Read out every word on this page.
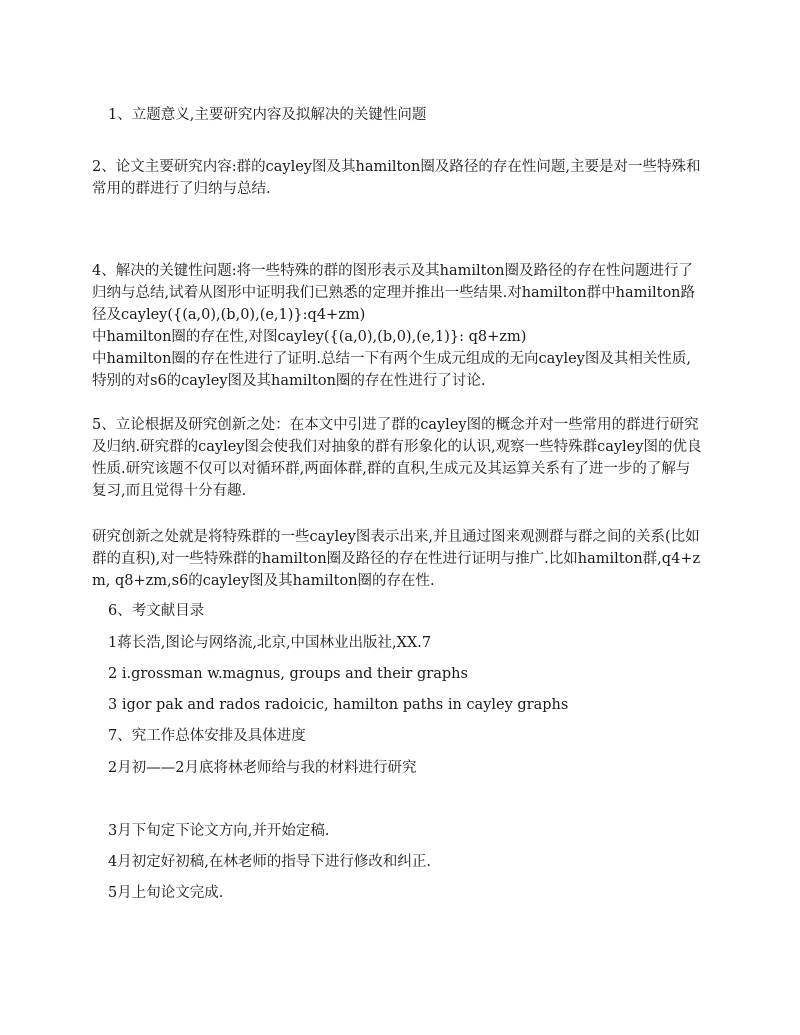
1、立题意义,主要研究内容及拟解决的关键性问题
2、论文主要研究内容:群的cayley图及其hamilton圈及路径的存在性问题,主要是对一些特殊和常用的群进行了归纳与总结.
4、解决的关键性问题:将一些特殊的群的图形表示及其hamilton圈及路径的存在性问题进行了归纳与总结,试着从图形中证明我们已熟悉的定理并推出一些结果.对hamilton群中hamilton路径及cayley({(a,0),(b,0),(e,1)}:q4+zm)
中hamilton圈的存在性,对图cayley({(a,0),(b,0),(e,1)}: q8+zm)
中hamilton圈的存在性进行了证明.总结一下有两个生成元组成的无向cayley图及其相关性质,特别的对s6的cayley图及其hamilton圈的存在性进行了讨论.
5、立论根据及研究创新之处：在本文中引进了群的cayley图的概念并对一些常用的群进行研究及归纳.研究群的cayley图会使我们对抽象的群有形象化的认识,观察一些特殊群cayley图的优良性质.研究该题不仅可以对循环群,两面体群,群的直积,生成元及其运算关系有了进一步的了解与复习,而且觉得十分有趣.
研究创新之处就是将特殊群的一些cayley图表示出来,并且通过图来观测群与群之间的关系(比如群的直积),对一些特殊群的hamilton圈及路径的存在性进行证明与推广.比如hamilton群,q4+zm, q8+zm,s6的cayley图及其hamilton圈的存在性.
6、考文献目录
1蒋长浩,图论与网络流,北京,中国林业出版社,XX.7
2 i.grossman w.magnus, groups and their graphs
3 igor pak and rados radoicic, hamilton paths in cayley graphs
7、究工作总体安排及具体进度
2月初——2月底将林老师给与我的材料进行研究
3月下旬定下论文方向,并开始定稿.
4月初定好初稿,在林老师的指导下进行修改和纠正.
5月上旬论文完成.
